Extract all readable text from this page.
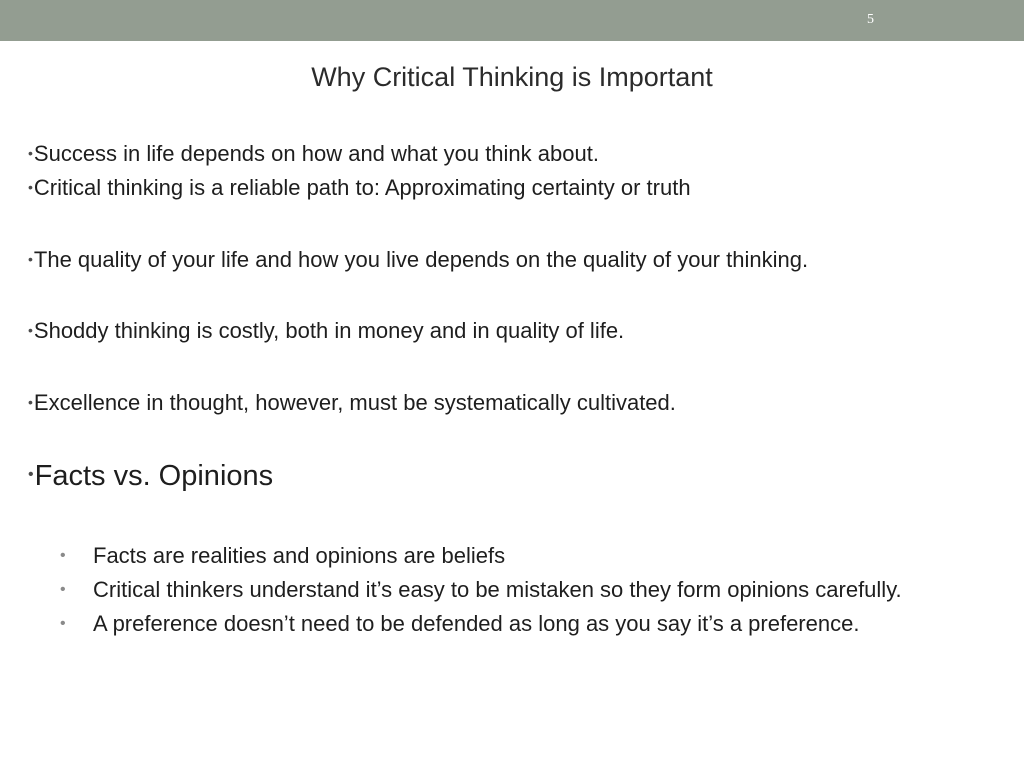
5
Why Critical Thinking is Important
•Success in life depends on how and what you think about.
•Critical thinking is a reliable path to: Approximating certainty or truth
•The quality of your life and how you live depends on the quality of your thinking.
•Shoddy thinking is costly, both in money and in quality of life.
•Excellence in thought, however, must be systematically cultivated.
•Facts vs. Opinions
•	Facts are realities and opinions are beliefs
•	Critical thinkers understand it’s easy to be mistaken so they form opinions carefully.
•	A preference doesn’t need to be defended as long as you say it’s a preference.
